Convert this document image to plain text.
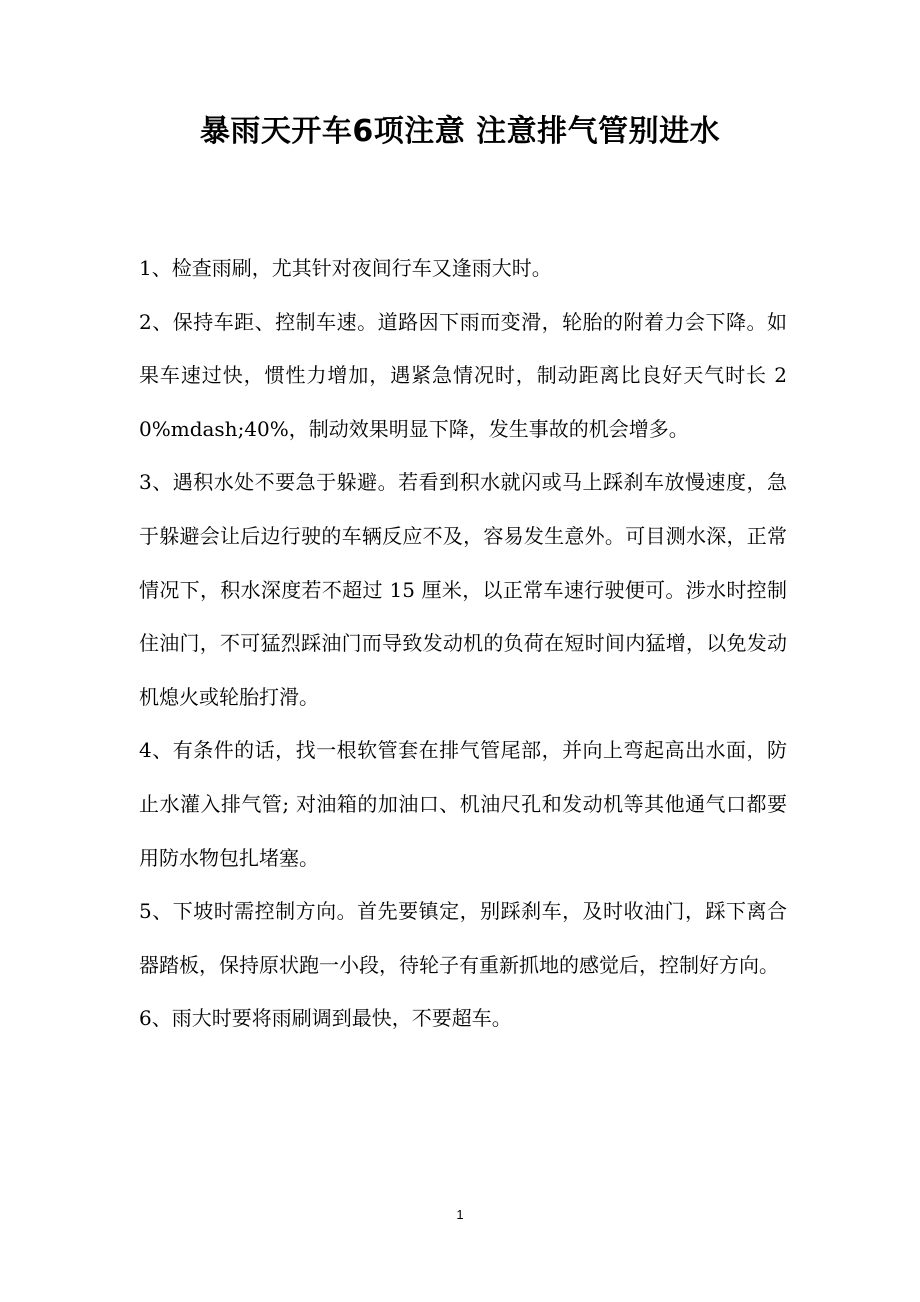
暴雨天开车6项注意 注意排气管别进水

1、检查雨刷，尤其针对夜间行车又逢雨大时。

2、保持车距、控制车速。道路因下雨而变滑，轮胎的附着力会下降。如果车速过快，惯性力增加，遇紧急情况时，制动距离比良好天气时长 20%mdash;40%，制动效果明显下降，发生事故的机会增多。

3、遇积水处不要急于躲避。若看到积水就闪或马上踩刹车放慢速度，急于躲避会让后边行驶的车辆反应不及，容易发生意外。可目测水深，正常情况下，积水深度若不超过 15 厘米，以正常车速行驶便可。涉水时控制住油门，不可猛烈踩油门而导致发动机的负荷在短时间内猛增，以免发动机熄火或轮胎打滑。

4、有条件的话，找一根软管套在排气管尾部，并向上弯起高出水面，防止水灌入排气管; 对油箱的加油口、机油尺孔和发动机等其他通气口都要用防水物包扎堵塞。

5、下坡时需控制方向。首先要镇定，别踩刹车，及时收油门，踩下离合器踏板，保持原状跑一小段，待轮子有重新抓地的感觉后，控制好方向。

6、雨大时要将雨刷调到最快，不要超车。

1
